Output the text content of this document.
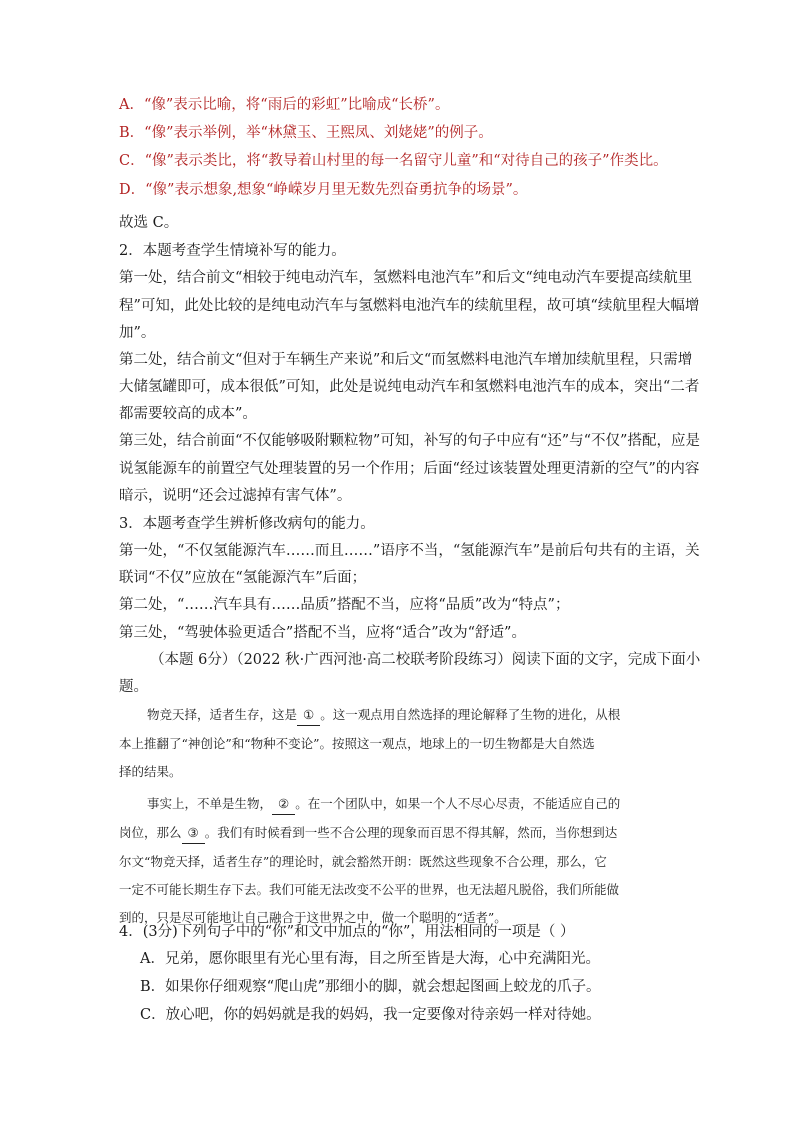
A．“像”表示比喻，将“雨后的彩虹”比喻成“长桥”。
B．“像”表示举例，举“林黛玉、王熙凤、刘姥姥”的例子。
C．“像”表示类比，将“教导着山村里的每一名留守儿童”和“对待自己的孩子”作类比。
D．“像”表示想象,想象“峥嵘岁月里无数先烈奋勇抗争的场景”。
故选 C。
2．本题考查学生情境补写的能力。
第一处，结合前文“相较于纯电动汽车，氢燃料电池汽车”和后文“纯电动汽车要提高续航里
程”可知，此处比较的是纯电动汽车与氢燃料电池汽车的续航里程，故可填“续航里程大幅增
加”。
第二处，结合前文“但对于车辆生产来说”和后文“而氢燃料电池汽车增加续航里程，只需增
大储氢罐即可，成本很低”可知，此处是说纯电动汽车和氢燃料电池汽车的成本，突出“二者
都需要较高的成本”。
第三处，结合前面“不仅能够吸附颗粒物”可知，补写的句子中应有“还”与“不仅”搭配，应是
说氢能源车的前置空气处理装置的另一个作用；后面“经过该装置处理更清新的空气”的内容
暗示，说明“还会过滤掉有害气体”。
3．本题考查学生辨析修改病句的能力。
第一处，“不仅氢能源汽车……而且……”语序不当，“氢能源汽车”是前后句共有的主语，关
联词“不仅”应放在“氢能源汽车”后面；
第二处，“……汽车具有……品质”搭配不当，应将“品质”改为“特点”；
第三处，“驾驶体验更适合”搭配不当，应将“适合”改为“舒适”。
（本题 6分）（2022 秋·广西河池·高二校联考阶段练习）阅读下面的文字，完成下面小
题。
物竞天择，适者生存，这是 ① 。这一观点用自然选择的理论解释了生物的进化，从根
本上推翻了“神创论”和“物种不变论”。按照这一观点，地球上的一切生物都是大自然选
择的结果。
事实上，不单是生物， ② 。在一个团队中，如果一个人不尽心尽责，不能适应自己的
岗位，那么 ③ 。我们有时候看到一些不合公理的现象而百思不得其解，然而，当你想到达
尔文“物竞天择，适者生存”的理论时，就会豁然开朗：既然这些现象不合公理，那么，它
一定不可能长期生存下去。我们可能无法改变不公平的世界，也无法超凡脱俗，我们所能做
到的，只是尽可能地让自己融合于这世界之中，做一个聪明的“适者”。
4．(3分)下列句子中的“你”和文中加点的“你”，用法相同的一项是（ ）
A．兄弟，愿你眼里有光心里有海，目之所至皆是大海，心中充满阳光。
B．如果你仔细观察“爬山虎”那细小的脚，就会想起图画上蛟龙的爪子。
C．放心吧，你的妈妈就是我的妈妈，我一定要像对待亲妈一样对待她。
